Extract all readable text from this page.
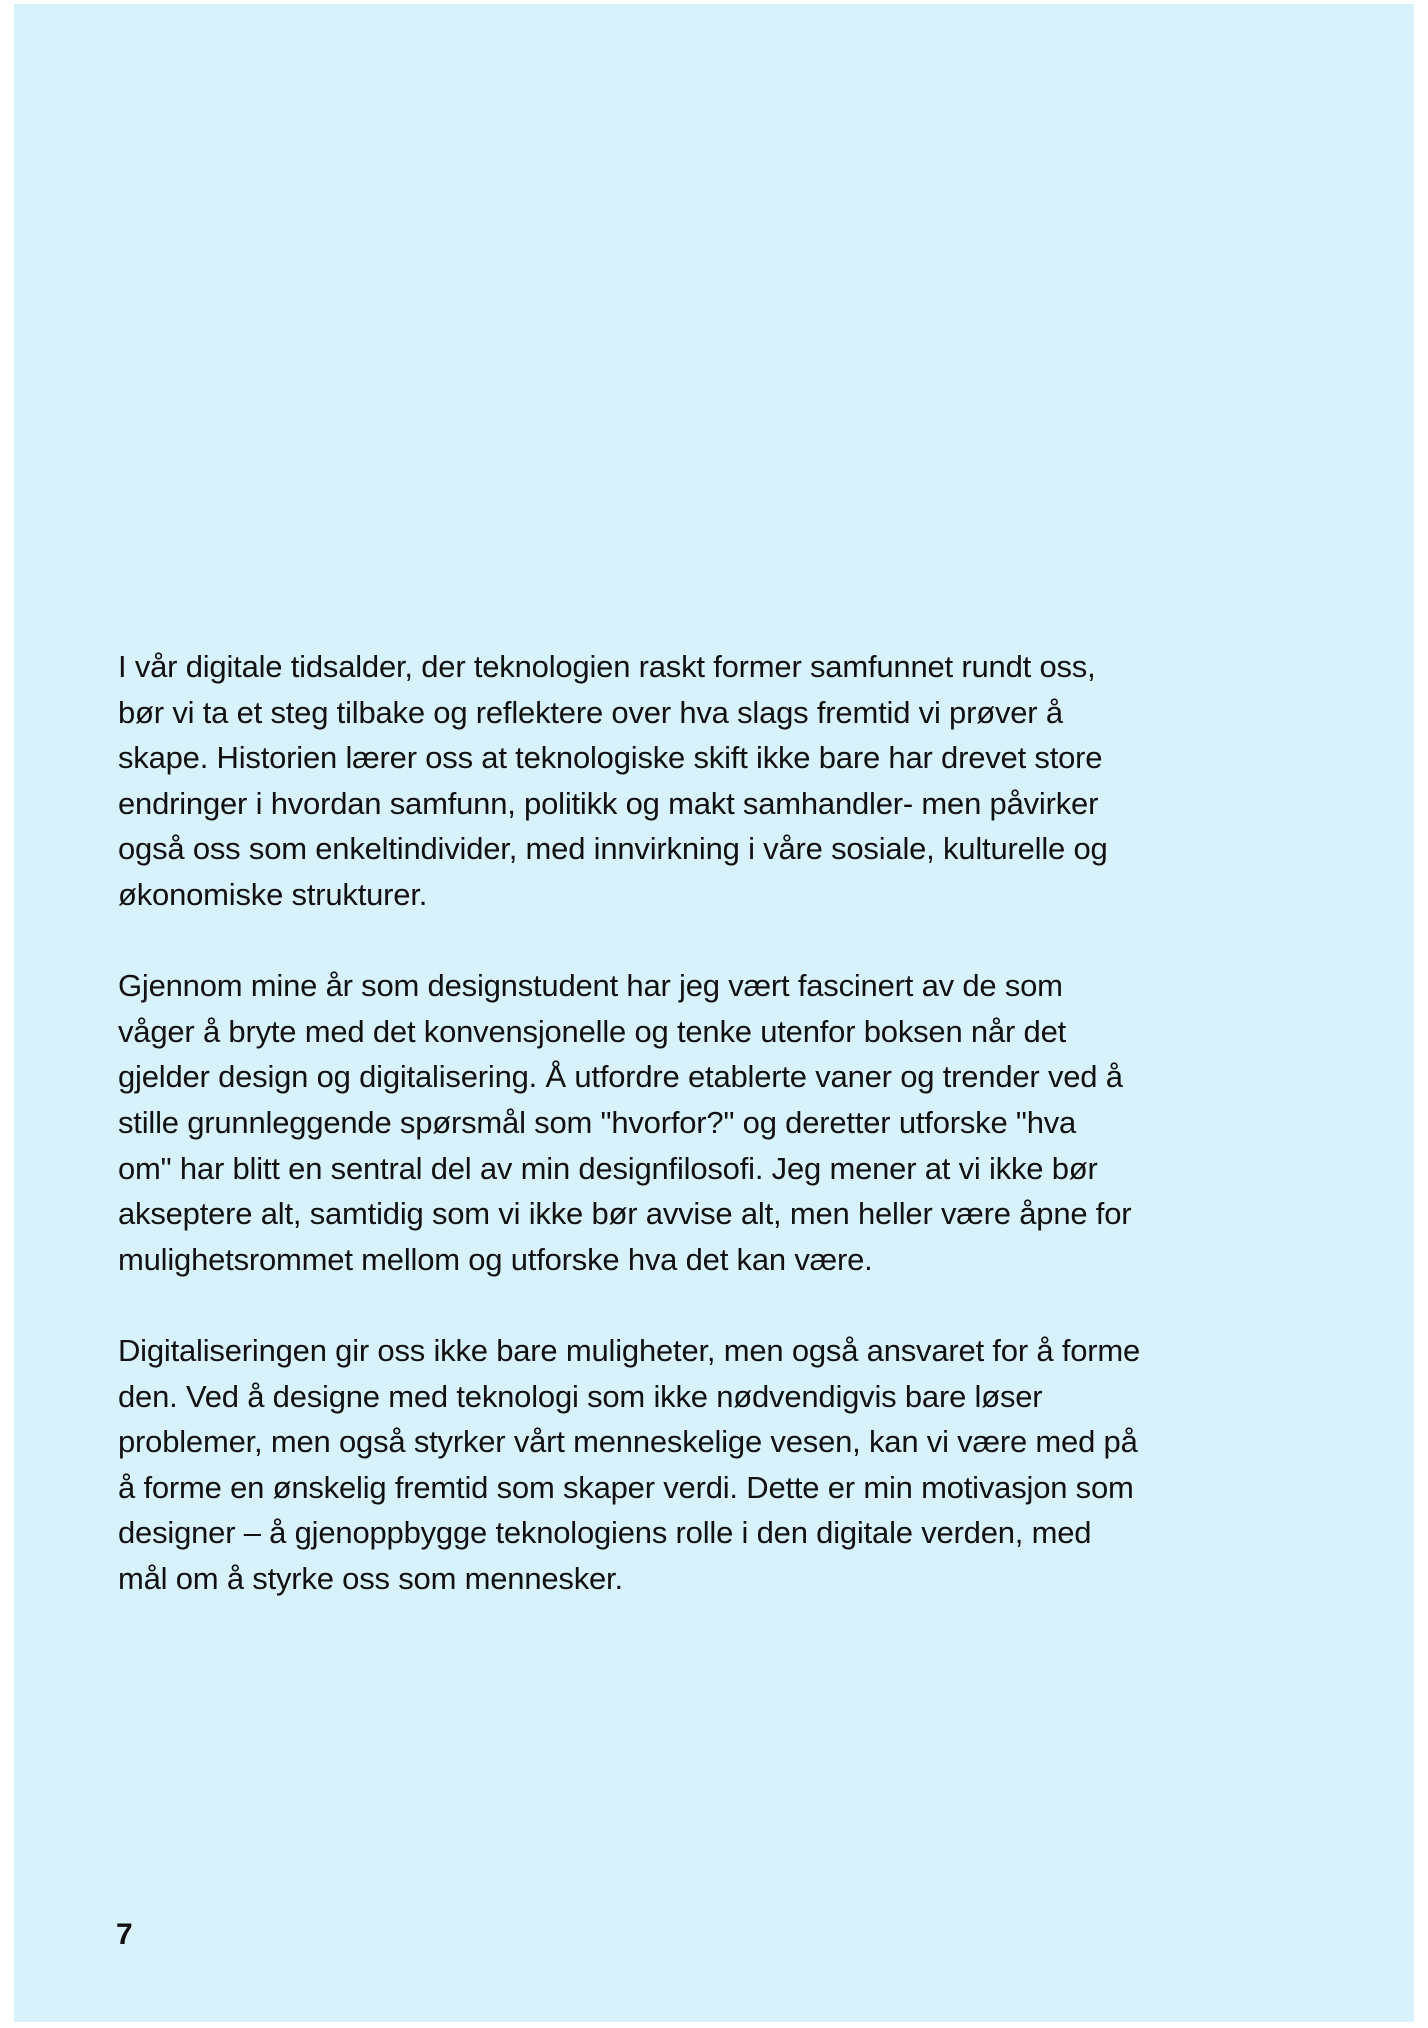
I vår digitale tidsalder, der teknologien raskt former samfunnet rundt oss,
bør vi ta et steg tilbake og reflektere over hva slags fremtid vi prøver å
skape. Historien lærer oss at teknologiske skift ikke bare har drevet store
endringer i hvordan samfunn, politikk og makt samhandler- men påvirker
også oss som enkeltindivider, med innvirkning i våre sosiale, kulturelle og
økonomiske strukturer.

Gjennom mine år som designstudent har jeg vært fascinert av de som
våger å bryte med det konvensjonelle og tenke utenfor boksen når det
gjelder design og digitalisering. Å utfordre etablerte vaner og trender ved å
stille grunnleggende spørsmål som "hvorfor?" og deretter utforske "hva
om" har blitt en sentral del av min designfilosofi. Jeg mener at vi ikke bør
akseptere alt, samtidig som vi ikke bør avvise alt, men heller være åpne for
mulighetsrommet mellom og utforske hva det kan være.

Digitaliseringen gir oss ikke bare muligheter, men også ansvaret for å forme
den. Ved å designe med teknologi som ikke nødvendigvis bare løser
problemer, men også styrker vårt menneskelige vesen, kan vi være med på
å forme en ønskelig fremtid som skaper verdi. Dette er min motivasjon som
designer – å gjenoppbygge teknologiens rolle i den digitale verden, med
mål om å styrke oss som mennesker.

7
